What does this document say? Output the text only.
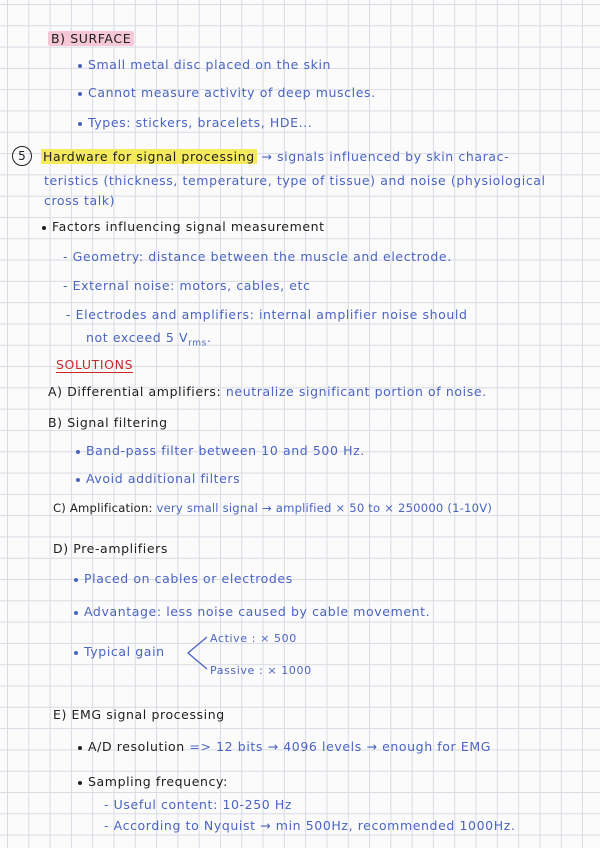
B) SURFACE
Small metal disc placed on the skin
Cannot measure activity of deep muscles.
Types: stickers, bracelets, HDE...
5	Hardware for signal processing → signals influenced by skin charac-
teristics (thickness, temperature, type of tissue) and noise (physiological
cross talk)
Factors influencing signal measurement
- Geometry: distance between the muscle and electrode.
- External noise: motors, cables, etc
- Electrodes and amplifiers: internal amplifier noise should
not exceed 5 $V_{rms}$.
SOLUTIONS
A) Differential amplifiers: neutralize significant portion of noise.
B) Signal filtering
Band-pass filter between 10 and 500 Hz.
Avoid additional filters
C) Amplification: very small signal → amplified × 50 to × 250000 (1-10V)
D) Pre-amplifiers
Placed on cables or electrodes
Advantage: less noise caused by cable movement.
Typical gain
Active : × 500
Passive : × 1000
E) EMG signal processing
A/D resolution => 12 bits → 4096 levels → enough for EMG
Sampling frequency:
- Useful content: 10-250 Hz
- According to Nyquist → min 500Hz, recommended 1000Hz.
